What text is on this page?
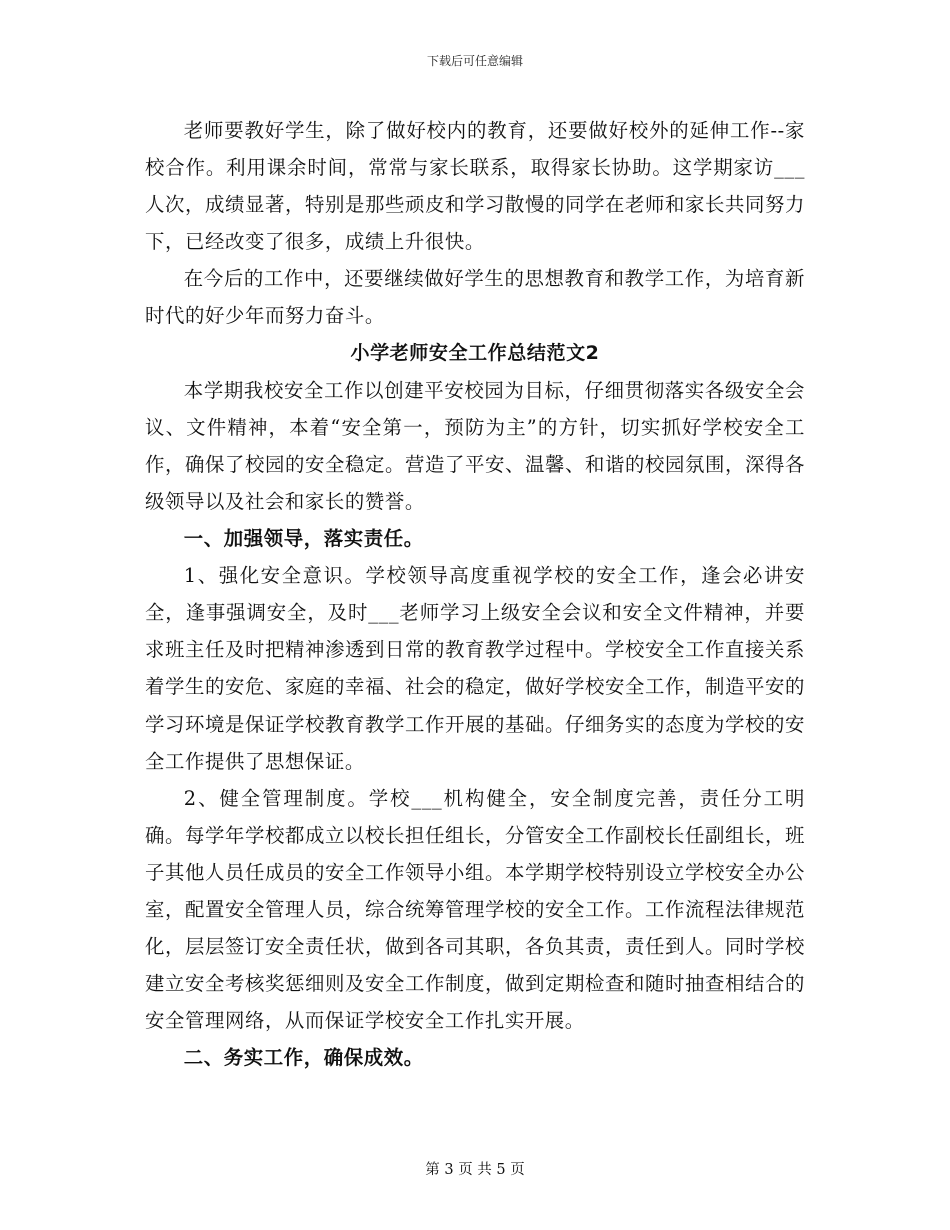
下载后可任意编辑

老师要教好学生，除了做好校内的教育，还要做好校外的延伸工作--家校合作。利用课余时间，常常与家长联系，取得家长协助。这学期家访___人次，成绩显著，特别是那些顽皮和学习散慢的同学在老师和家长共同努力下，已经改变了很多，成绩上升很快。

在今后的工作中，还要继续做好学生的思想教育和教学工作，为培育新时代的好少年而努力奋斗。

小学老师安全工作总结范文2

本学期我校安全工作以创建平安校园为目标，仔细贯彻落实各级安全会议、文件精神，本着“安全第一，预防为主”的方针，切实抓好学校安全工作，确保了校园的安全稳定。营造了平安、温馨、和谐的校园氛围，深得各级领导以及社会和家长的赞誉。

一、加强领导，落实责任。

1、强化安全意识。学校领导高度重视学校的安全工作，逢会必讲安全，逢事强调安全，及时___老师学习上级安全会议和安全文件精神，并要求班主任及时把精神渗透到日常的教育教学过程中。学校安全工作直接关系着学生的安危、家庭的幸福、社会的稳定，做好学校安全工作，制造平安的学习环境是保证学校教育教学工作开展的基础。仔细务实的态度为学校的安全工作提供了思想保证。

2、健全管理制度。学校___机构健全，安全制度完善，责任分工明确。每学年学校都成立以校长担任组长，分管安全工作副校长任副组长，班子其他人员任成员的安全工作领导小组。本学期学校特别设立学校安全办公室，配置安全管理人员，综合统筹管理学校的安全工作。工作流程法律规范化，层层签订安全责任状，做到各司其职，各负其责，责任到人。同时学校建立安全考核奖惩细则及安全工作制度，做到定期检查和随时抽查相结合的安全管理网络，从而保证学校安全工作扎实开展。

二、务实工作，确保成效。

第 3 页 共 5 页
